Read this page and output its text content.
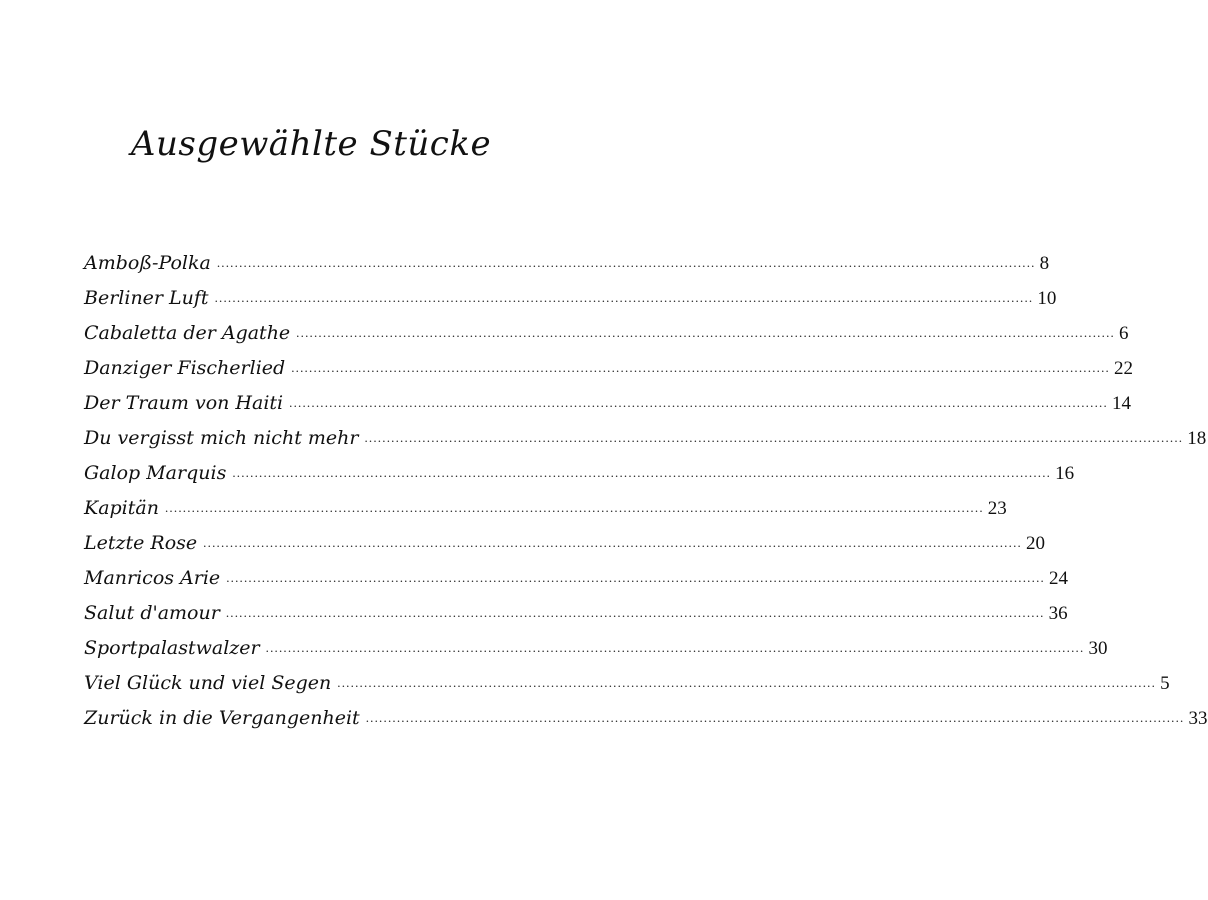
Ausgewählte Stücke
Amboß-Polka ........................................................................................................................................................................................ 8
Berliner Luft ........................................................................................................................................................................................ 10
Cabaletta der Agathe ........................................................................................................................................................................................ 6
Danziger Fischerlied ........................................................................................................................................................................................ 22
Der Traum von Haiti ........................................................................................................................................................................................ 14
Du vergisst mich nicht mehr ........................................................................................................................................................................................ 18
Galop Marquis ........................................................................................................................................................................................ 16
Kapitän ........................................................................................................................................................................................ 23
Letzte Rose ........................................................................................................................................................................................ 20
Manricos Arie ........................................................................................................................................................................................ 24
Salut d'amour ........................................................................................................................................................................................ 36
Sportpalastwalzer ........................................................................................................................................................................................ 30
Viel Glück und viel Segen ........................................................................................................................................................................................ 5
Zurück in die Vergangenheit ........................................................................................................................................................................................ 33
